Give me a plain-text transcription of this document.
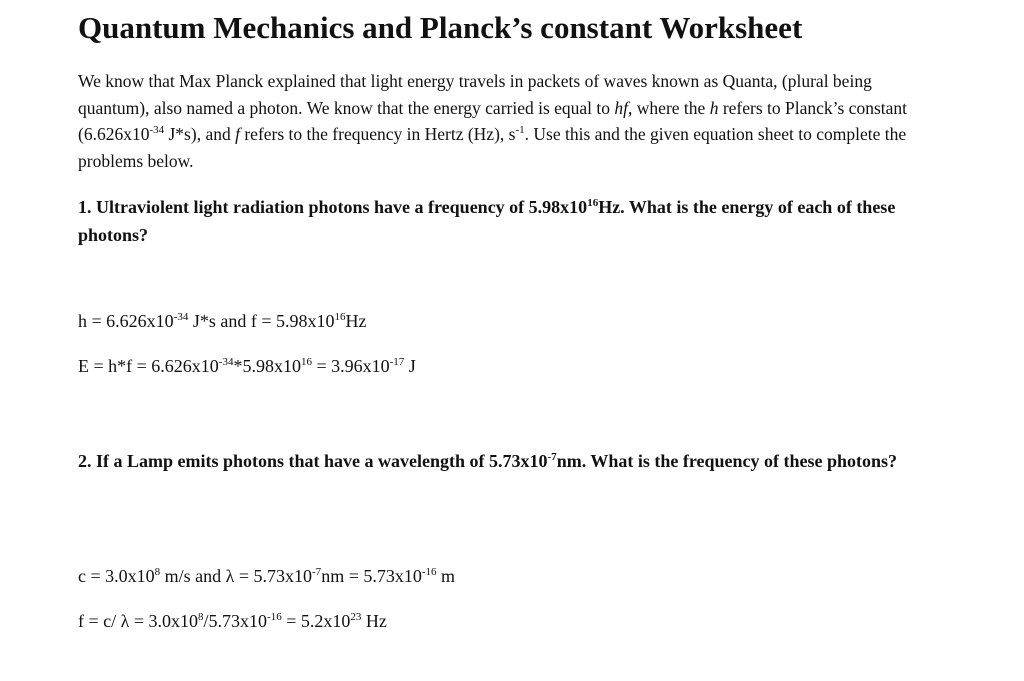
Quantum Mechanics and Planck’s constant Worksheet

We know that Max Planck explained that light energy travels in packets of waves known as Quanta, (plural being quantum), also named a photon. We know that the energy carried is equal to hf, where the h refers to Planck’s constant ($6.626x10^{-34}$ J*s), and f refers to the frequency in Hertz (Hz), $s^{-1}$. Use this and the given equation sheet to complete the problems below.

1. Ultraviolent light radiation photons have a frequency of $5.98x10^{16}Hz$. What is the energy of each of these photons?

$h = 6.626x10^{-34}$ J*s and $f = 5.98x10^{16}Hz$

$E = h*f = 6.626x10^{-34}*5.98x10^{16} = 3.96x10^{-17}$ J

2. If a Lamp emits photons that have a wavelength of $5.73x10^{-7}nm$. What is the frequency of these photons?

$c = 3.0x10^8$ m/s and $\lambda = 5.73x10^{-7}nm = 5.73x10^{-16}$ m

f = c/ $\lambda = 3.0x10^8/5.73x10^{-16} = 5.2x10^{23}$ Hz
